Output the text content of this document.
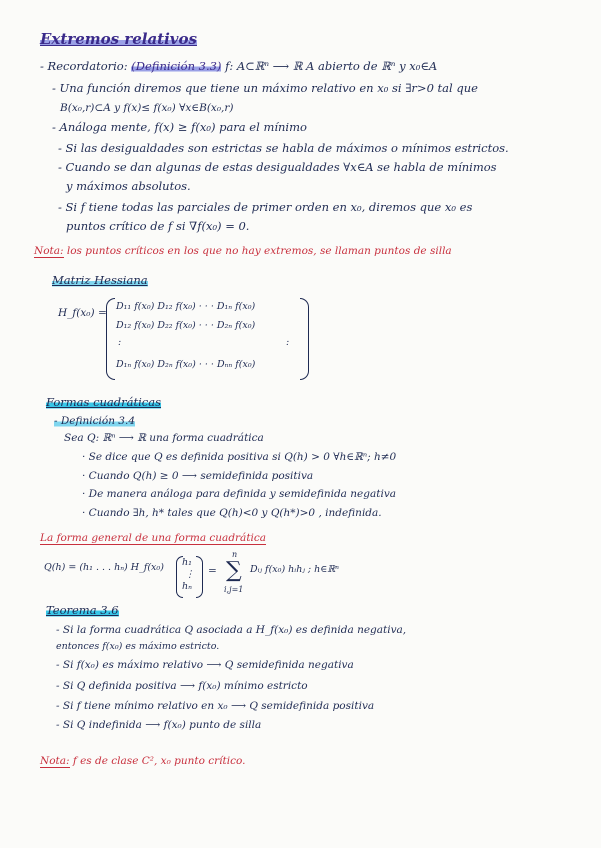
Extremos relativos
- Recordatorio: (Definición 3.3) f: A⊂ℝⁿ ⟶ ℝ A abierto de ℝⁿ y x₀∈A
- Una función diremos que tiene un máximo relativo en x₀ si ∃r>0 tal que
B(x₀,r)⊂A y f(x)≤ f(x₀) ∀x∈B(x₀,r)
- Análoga mente, f(x) ≥ f(x₀) para el mínimo
- Si las desigualdades son estrictas se habla de máximos o mínimos estrictos.
- Cuando se dan algunas de estas desigualdades ∀x∈A se habla de mínimos
y máximos absolutos.
- Si f tiene todas las parciales de primer orden en x₀, diremos que x₀ es
puntos crítico de f si ∇f(x₀) = 0.
Nota: los puntos críticos en los que no hay extremos, se llaman puntos de silla
Matriz Hessiana
H_f(x₀) =
D₁₁ f(x₀) D₁₂ f(x₀) · · · D₁ₙ f(x₀)
D₁₂ f(x₀) D₂₂ f(x₀) · · · D₂ₙ f(x₀)
:	:
D₁ₙ f(x₀) D₂ₙ f(x₀) · · · Dₙₙ f(x₀)
Formas cuadráticas
- Definición 3.4
Sea Q: ℝⁿ ⟶ ℝ una forma cuadrática
· Se dice que Q es definida positiva si Q(h) > 0 ∀h∈ℝⁿ; h≠0
· Cuando Q(h) ≥ 0 ⟶ semidefinida positiva
· De manera análoga para definida y semidefinida negativa
· Cuando ∃h, h* tales que Q(h)<0 y Q(h*)>0 , indefinida.
La forma general de una forma cuadrática
Q(h) = (h₁ . . . hₙ) H_f(x₀) h₁
⋮
hₙ
=
n
∑
i,j=1
Dᵢⱼ f(x₀) hᵢhⱼ ; h∈ℝⁿ
Teorema 3.6
- Si la forma cuadrática Q asociada a H_f(x₀) es definida negativa,
entonces f(x₀) es máximo estricto.
- Si f(x₀) es máximo relativo ⟶ Q semidefinida negativa
- Si Q definida positiva ⟶ f(x₀) mínimo estricto
- Si f tiene mínimo relativo en x₀ ⟶ Q semidefinida positiva
- Si Q indefinida ⟶ f(x₀) punto de silla
Nota: f es de clase C², x₀ punto crítico.
